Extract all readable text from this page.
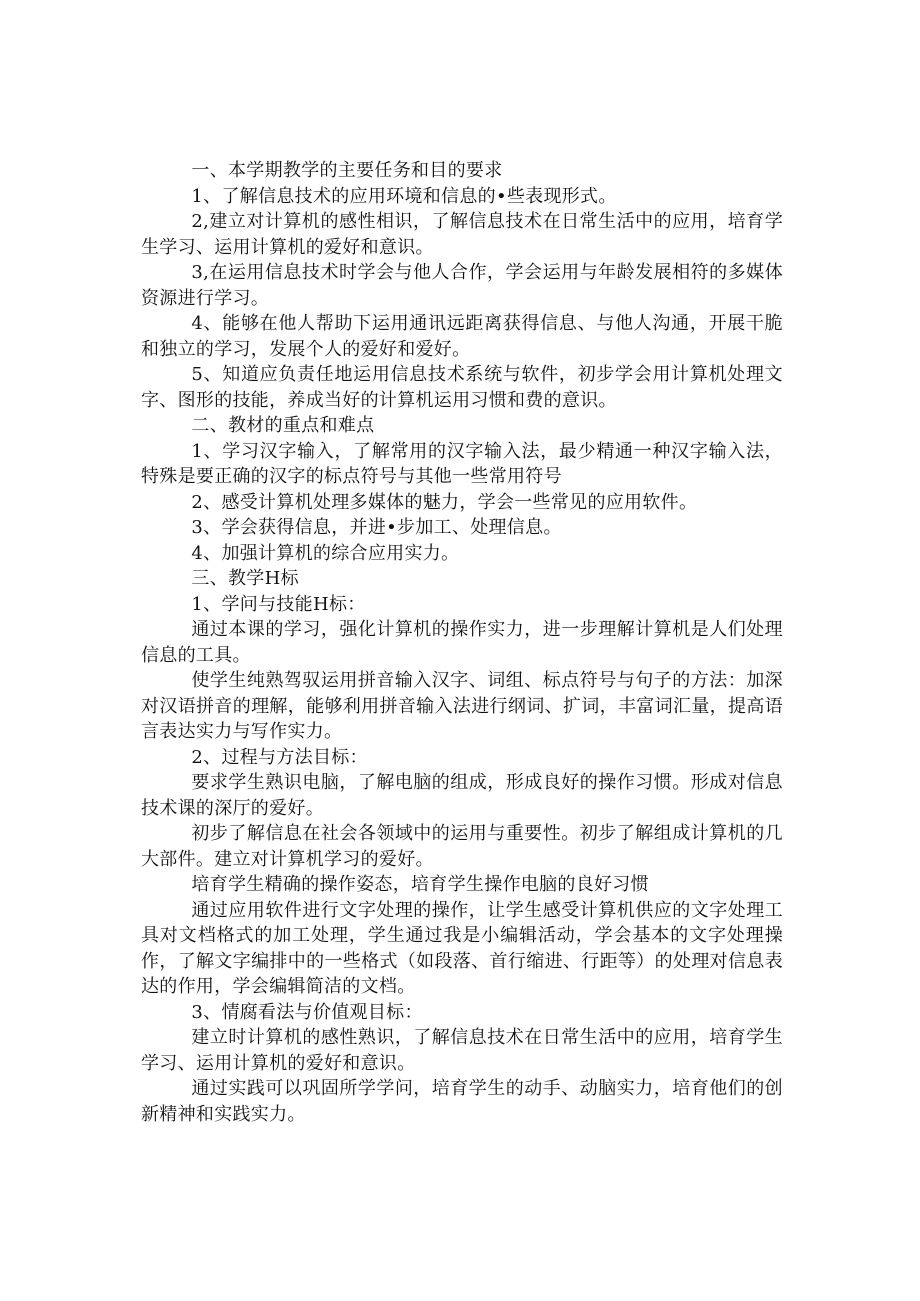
一、本学期教学的主要任务和目的要求

1、了解信息技术的应用环境和信息的•些表现形式。

2,建立对计算机的感性相识，了解信息技术在日常生活中的应用，培育学生学习、运用计算机的爱好和意识。

3,在运用信息技术时学会与他人合作，学会运用与年龄发展相符的多媒体资源进行学习。

4、能够在他人帮助下运用通讯远距离获得信息、与他人沟通，开展干脆和独立的学习，发展个人的爱好和爱好。

5、知道应负责任地运用信息技术系统与软件，初步学会用计算机处理文字、图形的技能，养成当好的计算机运用习惯和费的意识。

二、教材的重点和难点

1、学习汉字输入，了解常用的汉字输入法，最少精通一种汉字输入法，特殊是要正确的汉字的标点符号与其他一些常用符号

2、感受计算机处理多媒体的魅力，学会一些常见的应用软件。

3、学会获得信息，并进•步加工、处理信息。

4、加强计算机的综合应用实力。

三、教学H标

1、学问与技能H标：

通过本课的学习，强化计算机的操作实力，进一步理解计算机是人们处理信息的工具。

使学生纯熟驾驭运用拼音输入汉字、词组、标点符号与句子的方法：加深对汉语拼音的理解，能够利用拼音输入法进行纲词、扩词，丰富词汇量，提高语言表达实力与写作实力。

2、过程与方法目标：

要求学生熟识电脑，了解电脑的组成，形成良好的操作习惯。形成对信息技术课的深厅的爱好。

初步了解信息在社会各领域中的运用与重要性。初步了解组成计算机的几大部件。建立对计算机学习的爱好。

培育学生精确的操作姿态，培育学生操作电脑的良好习惯

通过应用软件进行文字处理的操作，让学生感受计算机供应的文字处理工具对文档格式的加工处理，学生通过我是小编辑活动，学会基本的文字处理操作，了解文字编排中的一些格式（如段落、首行缩进、行距等）的处理对信息表达的作用，学会编辑简洁的文档。

3、情腐看法与价值观目标：

建立时计算机的感性熟识，了解信息技术在日常生活中的应用，培育学生学习、运用计算机的爱好和意识。

通过实践可以巩固所学学问，培育学生的动手、动脑实力，培育他们的创新精神和实践实力。
